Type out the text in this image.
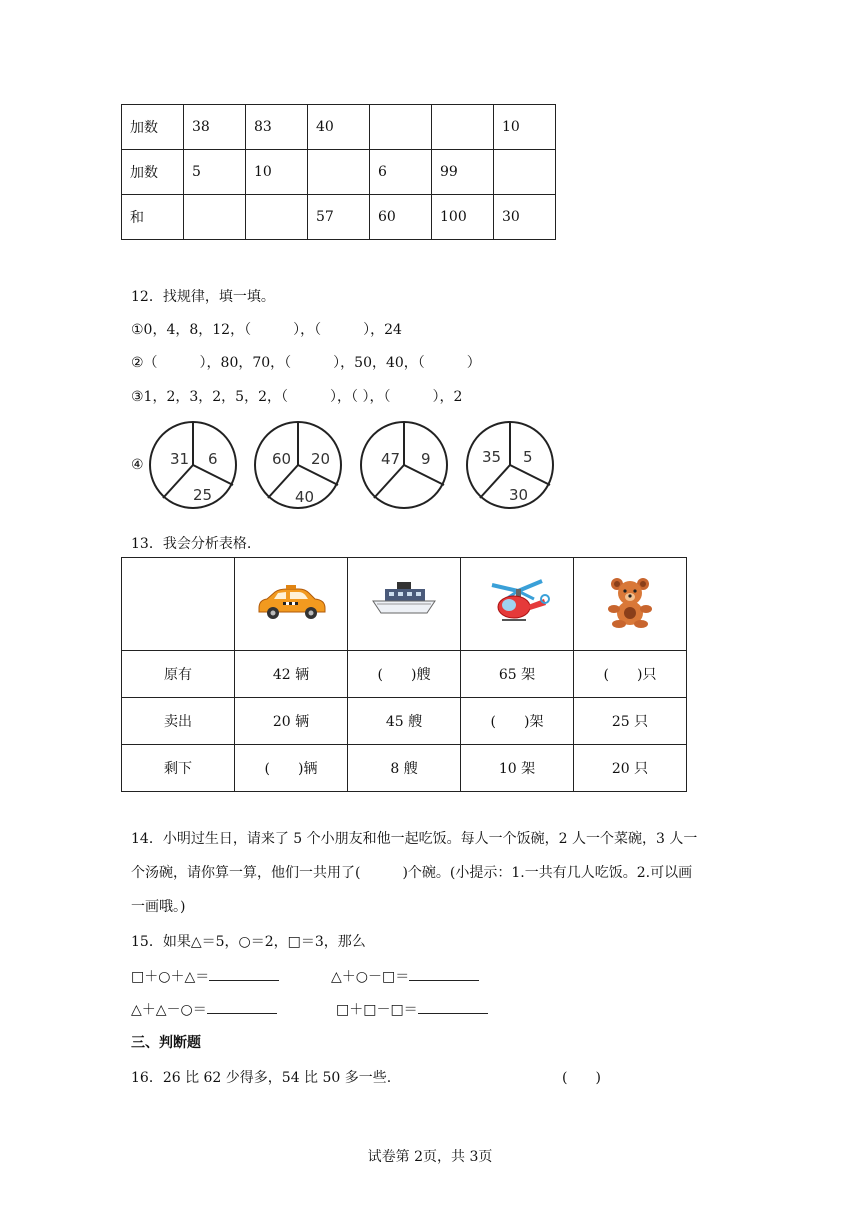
加数	38	83	40			10
加数	5	10		6	99	
和			57	60	100	30
12．找规律，填一填。
①0，4，8，12，（　　　），（　　　），24
②（　　　），80，70，（　　　），50，40，（　　　）
③1，2，3，2，5，2，（　　　），（ ），（　　　），2
④ 31 6
25
60 20
40
47 9	35 5
30
13．我会分析表格.

原有	42 辆	(　　)艘	65 架	(　　)只
卖出	20 辆	45 艘	(　　)架	25 只
剩下	(　　)辆	8 艘	10 架	20 只
14．小明过生日，请来了 5 个小朋友和他一起吃饭。每人一个饭碗，2 人一个菜碗，3 人一
个汤碗，请你算一算，他们一共用了(　　　)个碗。(小提示：1.一共有几人吃饭。2.可以画
一画哦。)
15．如果△＝5，○＝2，□＝3，那么
□＋○＋△＝	△＋○－□＝
△＋△－○＝	□＋□－□＝
三、判断题
16．26 比 62 少得多，54 比 50 多一些.	(　　)
试卷第 2页，共 3页
